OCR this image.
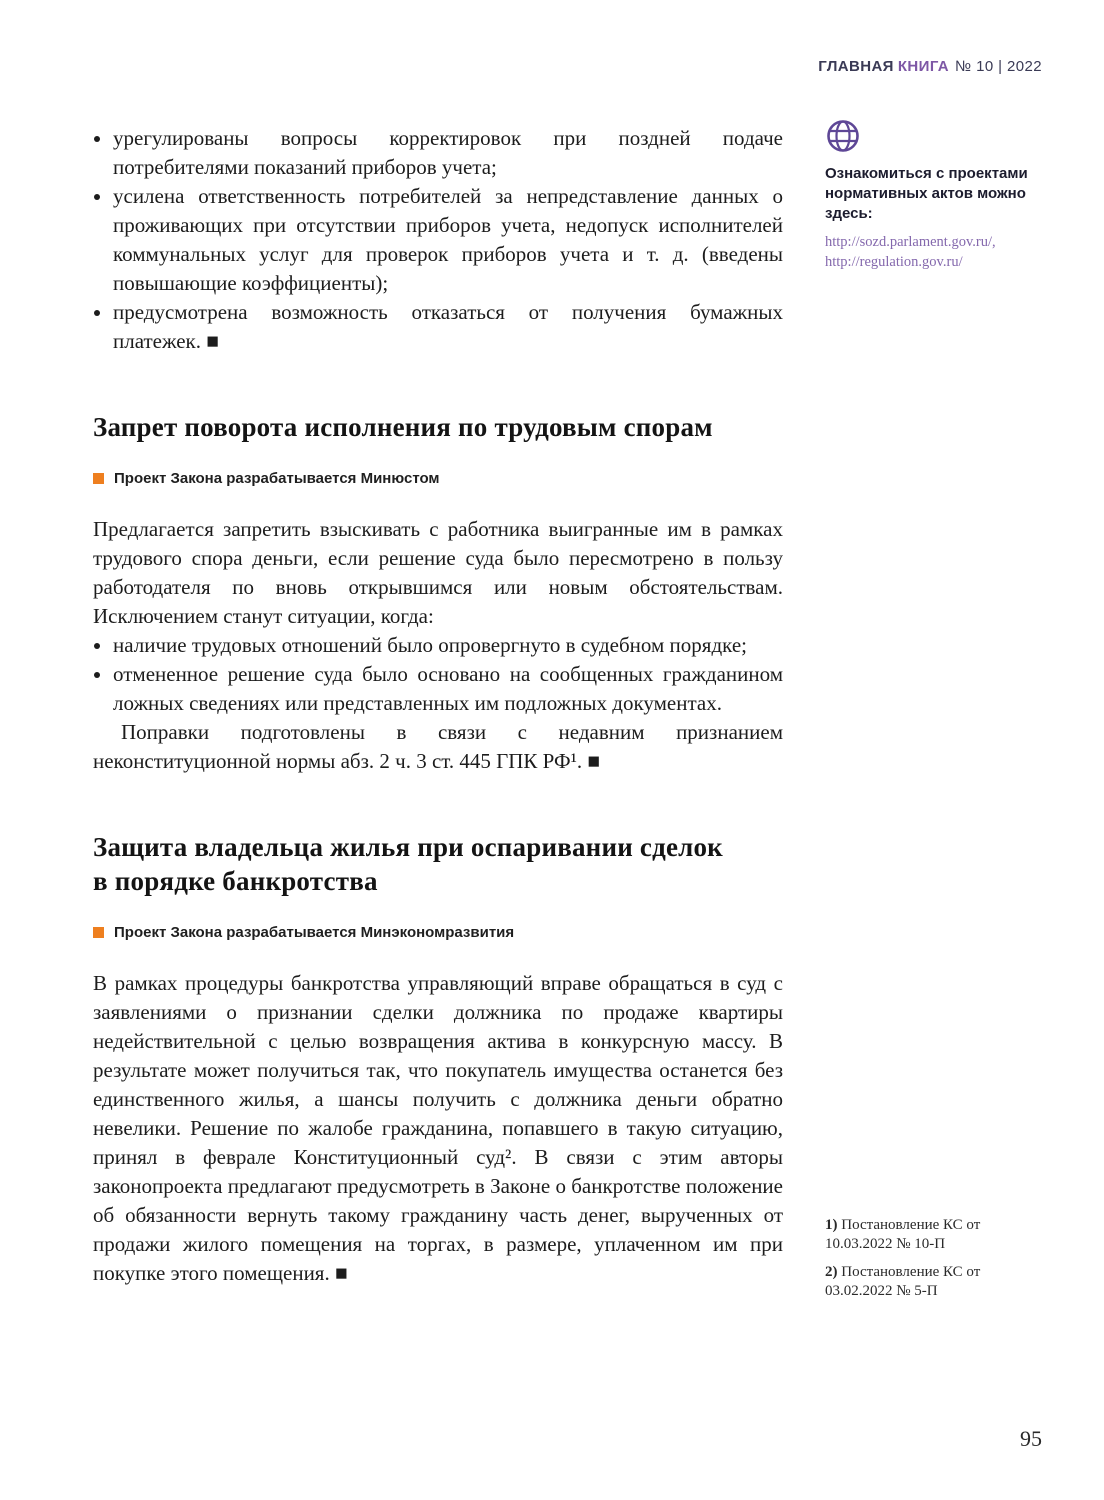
ГЛАВНАЯ КНИГА № 10 | 2022
• урегулированы вопросы корректировок при поздней подаче потребителями показаний приборов учета;
• усилена ответственность потребителей за непредставление данных о проживающих при отсутствии приборов учета, недопуск исполнителей коммунальных услуг для проверок приборов учета и т. д. (введены повышающие коэффициенты);
• предусмотрена возможность отказаться от получения бумажных платежек. ■
Запрет поворота исполнения по трудовым спорам
Проект Закона разрабатывается Минюстом

Предлагается запретить взыскивать с работника выигранные им в рамках трудового спора деньги, если решение суда было пересмотрено в пользу работодателя по вновь открывшимся или новым обстоятельствам. Исключением станут ситуации, когда:

• наличие трудовых отношений было опровергнуто в судебном порядке;
• отмененное решение суда было основано на сообщенных гражданином ложных сведениях или представленных им подложных документах.

Поправки подготовлены в связи с недавним признанием неконституционной нормы абз. 2 ч. 3 ст. 445 ГПК РФ¹. ■

Защита владельца жилья при оспаривании сделок в порядке банкротства
Проект Закона разрабатывается Минэкономразвития

В рамках процедуры банкротства управляющий вправе обращаться в суд с заявлениями о признании сделки должника по продаже квартиры недействительной с целью возвращения актива в конкурсную массу. В результате может получиться так, что покупатель имущества останется без единственного жилья, а шансы получить с должника деньги обратно невелики. Решение по жалобе гражданина, попавшего в такую ситуацию, принял в феврале Конституционный суд². В связи с этим авторы законопроекта предлагают предусмотреть в Законе о банкротстве положение об обязанности вернуть такому гражданину часть денег, вырученных от продажи жилого помещения на торгах, в размере, уплаченном им при покупке этого помещения. ■

Ознакомиться с проектами нормативных актов можно здесь:
http://sozd.parlament.gov.ru/,
http://regulation.gov.ru/
1) Постановление КС от 10.03.2022 № 10-П
2) Постановление КС от 03.02.2022 № 5-П
95
